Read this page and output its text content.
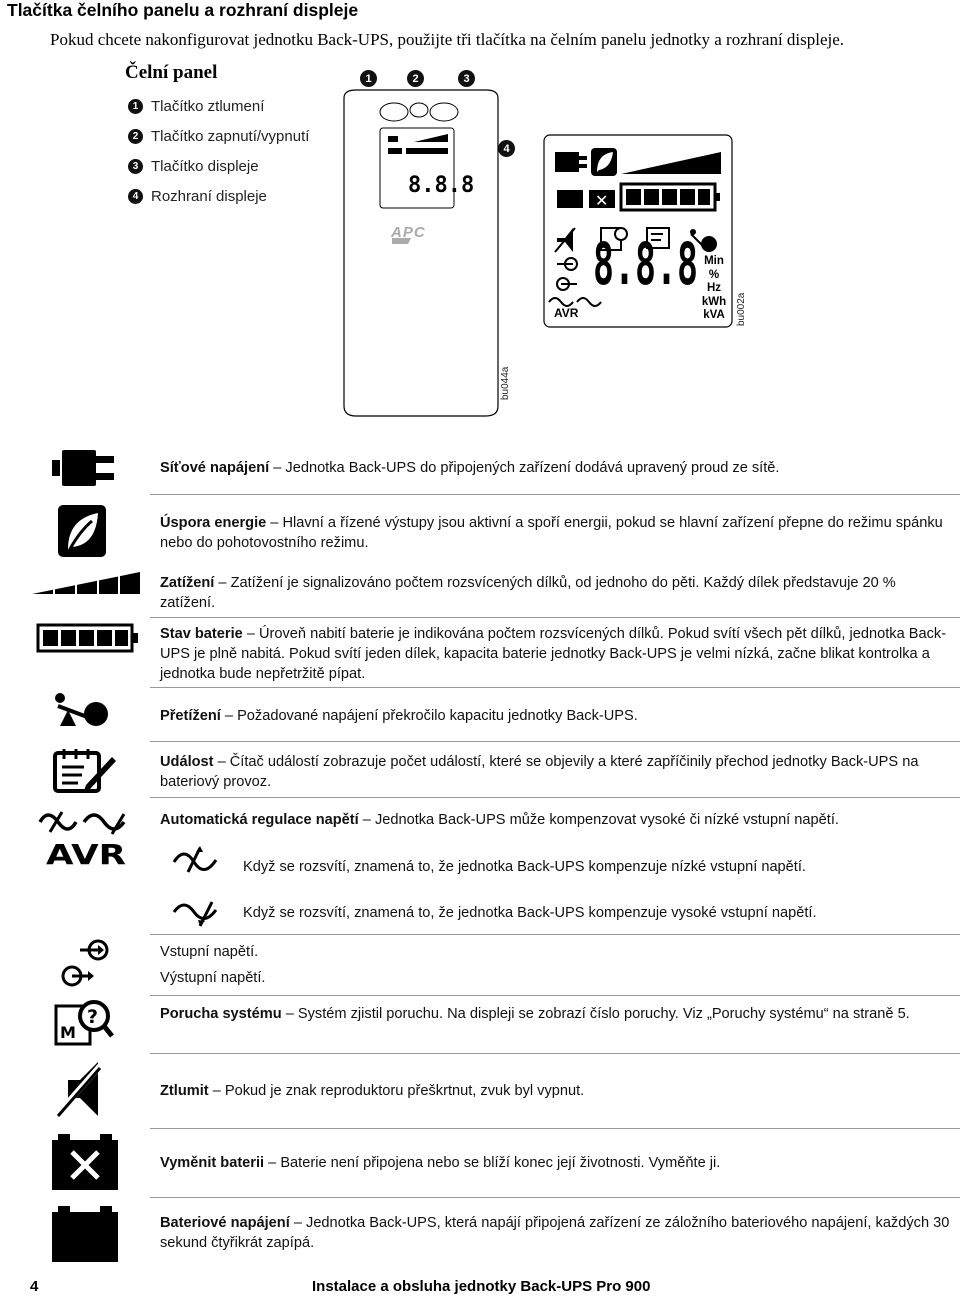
Tlačítka čelního panelu a rozhraní displeje
Pokud chcete nakonfigurovat jednotku Back-UPS, použijte tři tlačítka na čelním panelu jednotky a rozhraní displeje.
Čelní panel
1 Tlačítko ztlumení
2 Tlačítko zapnutí/vypnutí
3 Tlačítko displeje
4 Rozhraní displeje
1	2	3
4
8.8.8
bu044a
APC
✕
8.8.8
AVR
Min
%
Hz
kWh
kVA	bu002a
Síťové napájení – Jednotka Back-UPS do připojených zařízení dodává upravený proud ze sítě.
Úspora energie – Hlavní a řízené výstupy jsou aktivní a spoří energii, pokud se hlavní zařízení přepne do režimu spánku nebo do pohotovostního režimu.
Zatížení – Zatížení je signalizováno počtem rozsvícených dílků, od jednoho do pěti. Každý dílek představuje 20 % zatížení.
Stav baterie – Úroveň nabití baterie je indikována počtem rozsvícených dílků. Pokud svítí všech pět dílků, jednotka Back-UPS je plně nabitá. Pokud svítí jeden dílek, kapacita baterie jednotky Back-UPS je velmi nízká, začne blikat kontrolka a jednotka bude nepřetržitě pípat.
Přetížení – Požadované napájení překročilo kapacitu jednotky Back-UPS.
Událost – Čítač událostí zobrazuje počet událostí, které se objevily a které zapříčinily přechod jednotky Back-UPS na bateriový provoz.
AVR
Automatická regulace napětí – Jednotka Back-UPS může kompenzovat vysoké či nízké vstupní napětí.
Když se rozsvítí, znamená to, že jednotka Back-UPS kompenzuje nízké vstupní napětí.
Když se rozsvítí, znamená to, že jednotka Back-UPS kompenzuje vysoké vstupní napětí.
Vstupní napětí.
Výstupní napětí.
M
?	Porucha systému – Systém zjistil poruchu. Na displeji se zobrazí číslo poruchy. Viz „Poruchy systému“ na straně 5.
Ztlumit – Pokud je znak reproduktoru přeškrtnut, zvuk byl vypnut.
Vyměnit baterii – Baterie není připojena nebo se blíží konec její životnosti. Vyměňte ji.
Bateriové napájení – Jednotka Back-UPS, která napájí připojená zařízení ze záložního bateriového napájení, každých 30 sekund čtyřikrát zapípá.
4	Instalace a obsluha jednotky Back-UPS Pro 900
